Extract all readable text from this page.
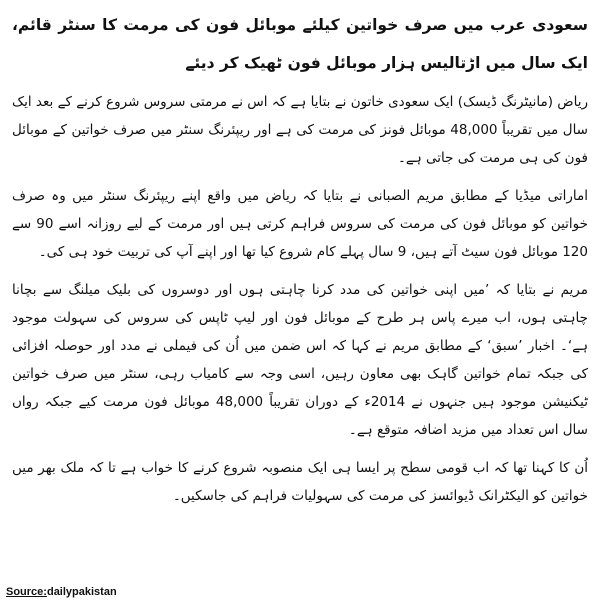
سعودی عرب میں صرف خواتین کیلئے موبائل فون کی مرمت کا سنٹر قائم، ایک سال میں اڑتالیس ہزار موبائل فون ٹھیک کر دیئے

ریاض (مانیٹرنگ ڈیسک) ایک سعودی خاتون نے بتایا ہے کہ اس نے مرمتی سروس شروع کرنے کے بعد ایک سال میں تقریباً 48,000 موبائل فونز کی مرمت کی ہے اور ریپئرنگ سنٹر میں صرف خواتین کے موبائل فون کی ہی مرمت کی جاتی ہے۔

اماراتی میڈیا کے مطابق مریم الصبانی نے بتایا کہ ریاض میں واقع اپنے ریپئرنگ سنٹر میں وہ صرف خواتین کو موبائل فون کی مرمت کی سروس فراہم کرتی ہیں اور مرمت کے لیے روزانہ اسے 90 سے 120 موبائل فون سیٹ آتے ہیں، 9 سال پہلے کام شروع کیا تھا اور اپنے آپ کی تربیت خود ہی کی۔

مریم نے بتایا کہ ’میں اپنی خواتین کی مدد کرنا چاہتی ہوں اور دوسروں کی بلیک میلنگ سے بچانا چاہتی ہوں، اب میرے پاس ہر طرح کے موبائل فون اور لیپ ٹاپس کی سروس کی سہولت موجود ہے‘۔ اخبار ’سبق‘ کے مطابق مریم نے کہا کہ اس ضمن میں اُن کی فیملی نے مدد اور حوصلہ افزائی کی جبکہ تمام خواتین گاہک بھی معاون رہیں، اسی وجہ سے کامیاب رہی، سنٹر میں صرف خواتین ٹیکنیشن موجود ہیں جنہوں نے 2014ء کے دوران تقریباً 48,000 موبائل فون مرمت کیے جبکہ رواں سال اس تعداد میں مزید اضافہ متوقع ہے۔

اُن کا کہنا تھا کہ اب قومی سطح پر ایسا ہی ایک منصوبہ شروع کرنے کا خواب ہے تا کہ ملک بھر میں خواتین کو الیکٹرانک ڈیوائسز کی مرمت کی سہولیات فراہم کی جاسکیں۔

Source:dailypakistan
